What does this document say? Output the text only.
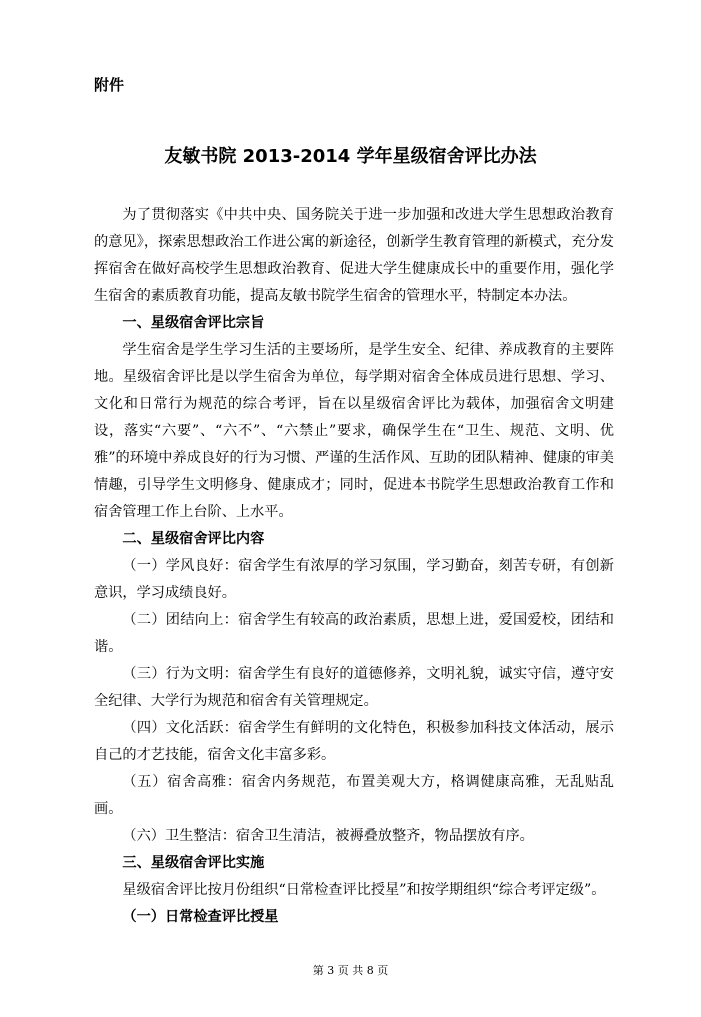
附件

友敏书院 2013-2014 学年星级宿舍评比办法

为了贯彻落实《中共中央、国务院关于进一步加强和改进大学生思想政治教育的意见》，探索思想政治工作进公寓的新途径，创新学生教育管理的新模式，充分发挥宿舍在做好高校学生思想政治教育、促进大学生健康成长中的重要作用，强化学生宿舍的素质教育功能，提高友敏书院学生宿舍的管理水平，特制定本办法。

一、星级宿舍评比宗旨

学生宿舍是学生学习生活的主要场所，是学生安全、纪律、养成教育的主要阵地。星级宿舍评比是以学生宿舍为单位，每学期对宿舍全体成员进行思想、学习、文化和日常行为规范的综合考评，旨在以星级宿舍评比为载体，加强宿舍文明建设，落实“六要”、“六不”、“六禁止”要求，确保学生在“卫生、规范、文明、优雅”的环境中养成良好的行为习惯、严谨的生活作风、互助的团队精神、健康的审美情趣，引导学生文明修身、健康成才；同时，促进本书院学生思想政治教育工作和宿舍管理工作上台阶、上水平。

二、星级宿舍评比内容

（一）学风良好：宿舍学生有浓厚的学习氛围，学习勤奋，刻苦专研，有创新意识，学习成绩良好。

（二）团结向上：宿舍学生有较高的政治素质，思想上进，爱国爱校，团结和谐。

（三）行为文明：宿舍学生有良好的道德修养，文明礼貌，诚实守信，遵守安全纪律、大学行为规范和宿舍有关管理规定。

（四）文化活跃：宿舍学生有鲜明的文化特色，积极参加科技文体活动，展示自己的才艺技能，宿舍文化丰富多彩。

（五）宿舍高雅：宿舍内务规范，布置美观大方，格调健康高雅，无乱贴乱画。

（六）卫生整洁：宿舍卫生清洁，被褥叠放整齐，物品摆放有序。

三、星级宿舍评比实施

星级宿舍评比按月份组织“日常检查评比授星”和按学期组织“综合考评定级”。

（一）日常检查评比授星
第 3 页 共 8 页
